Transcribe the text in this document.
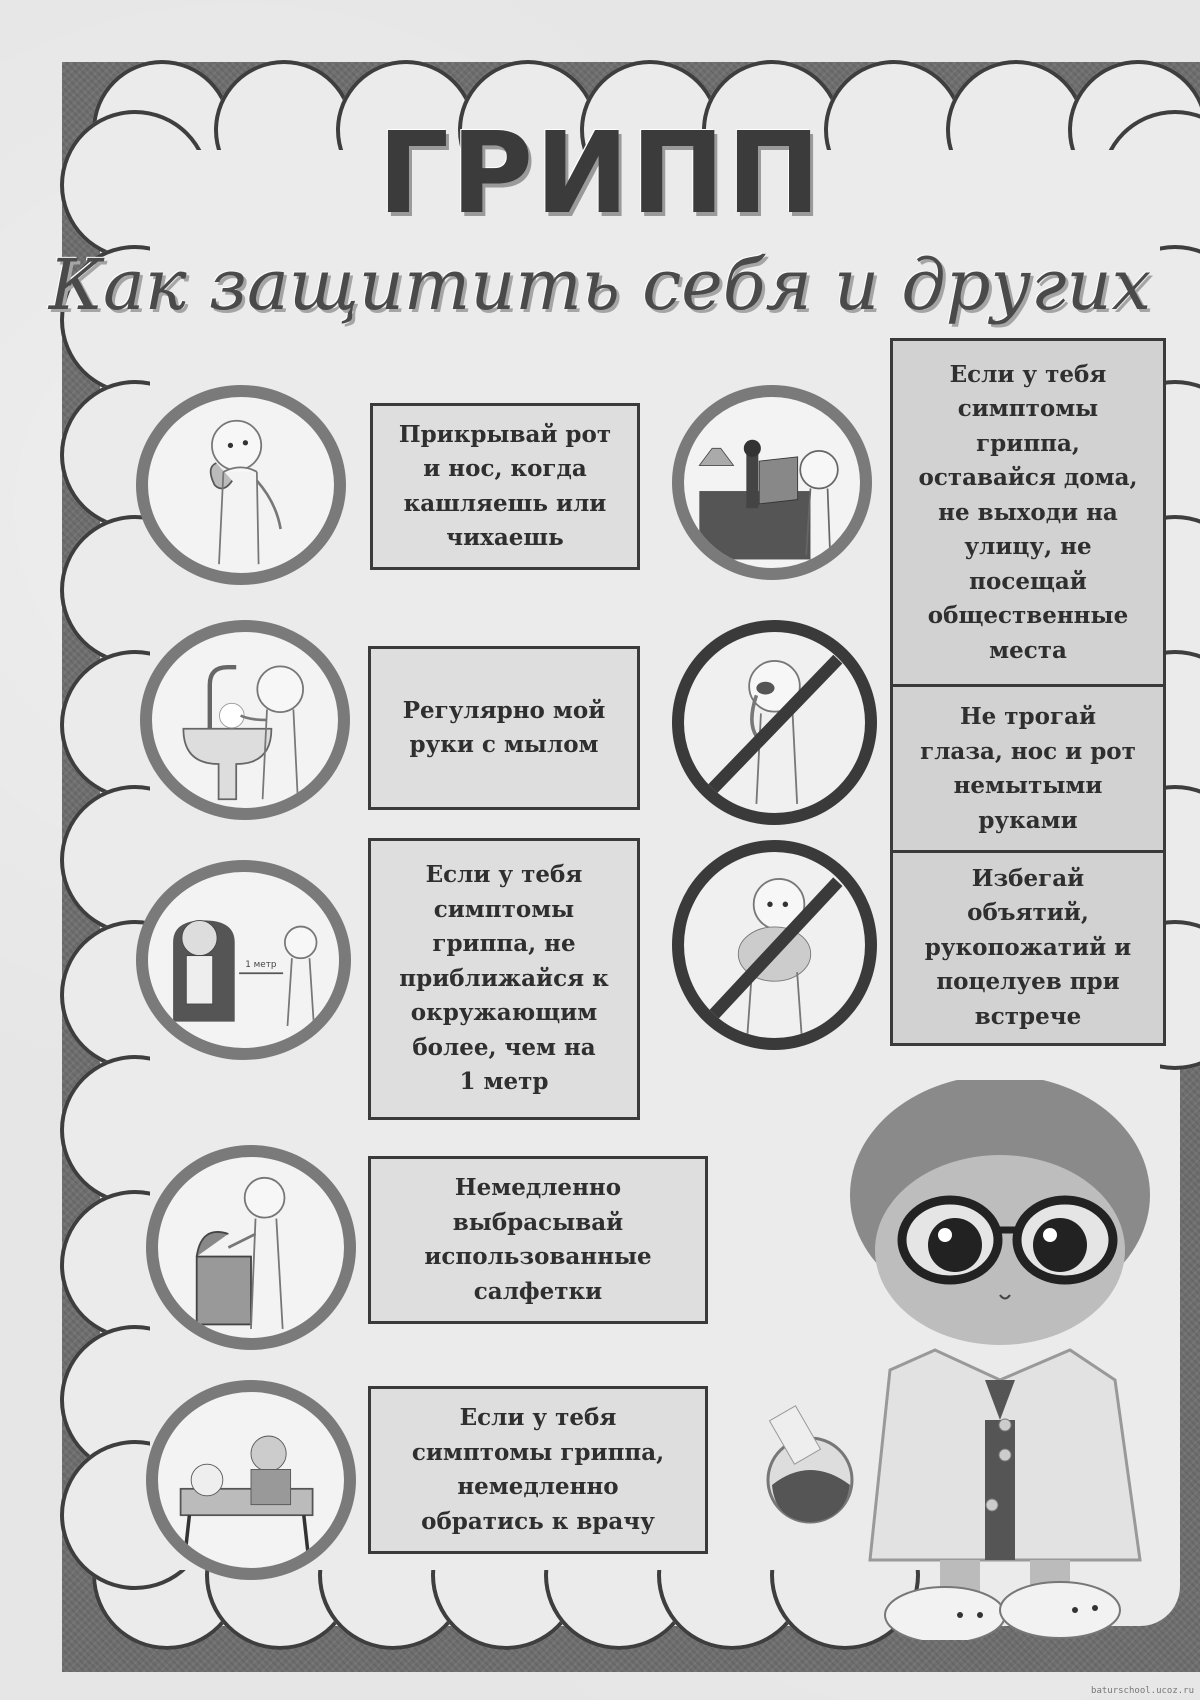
ГРИПП
Как защитить себя и других
1 метр
Прикрывай рот
и нос, когда
кашляешь или
чихаешь
Регулярно мой
руки с мылом
Если у тебя
симптомы
гриппа, не
приближайся к
окружающим
более, чем на
1 метр
Немедленно
выбрасывай
использованные
салфетки
Если у тебя
симптомы гриппа,
немедленно
обратись к врачу
Если у тебя
симптомы
гриппа,
оставайся дома,
не выходи на
улицу, не
посещай
общественные
места
Не трогай
глаза, нос и рот
немытыми
руками
Избегай
объятий,
рукопожатий и
поцелуев при
встрече
baturschool.ucoz.ru
